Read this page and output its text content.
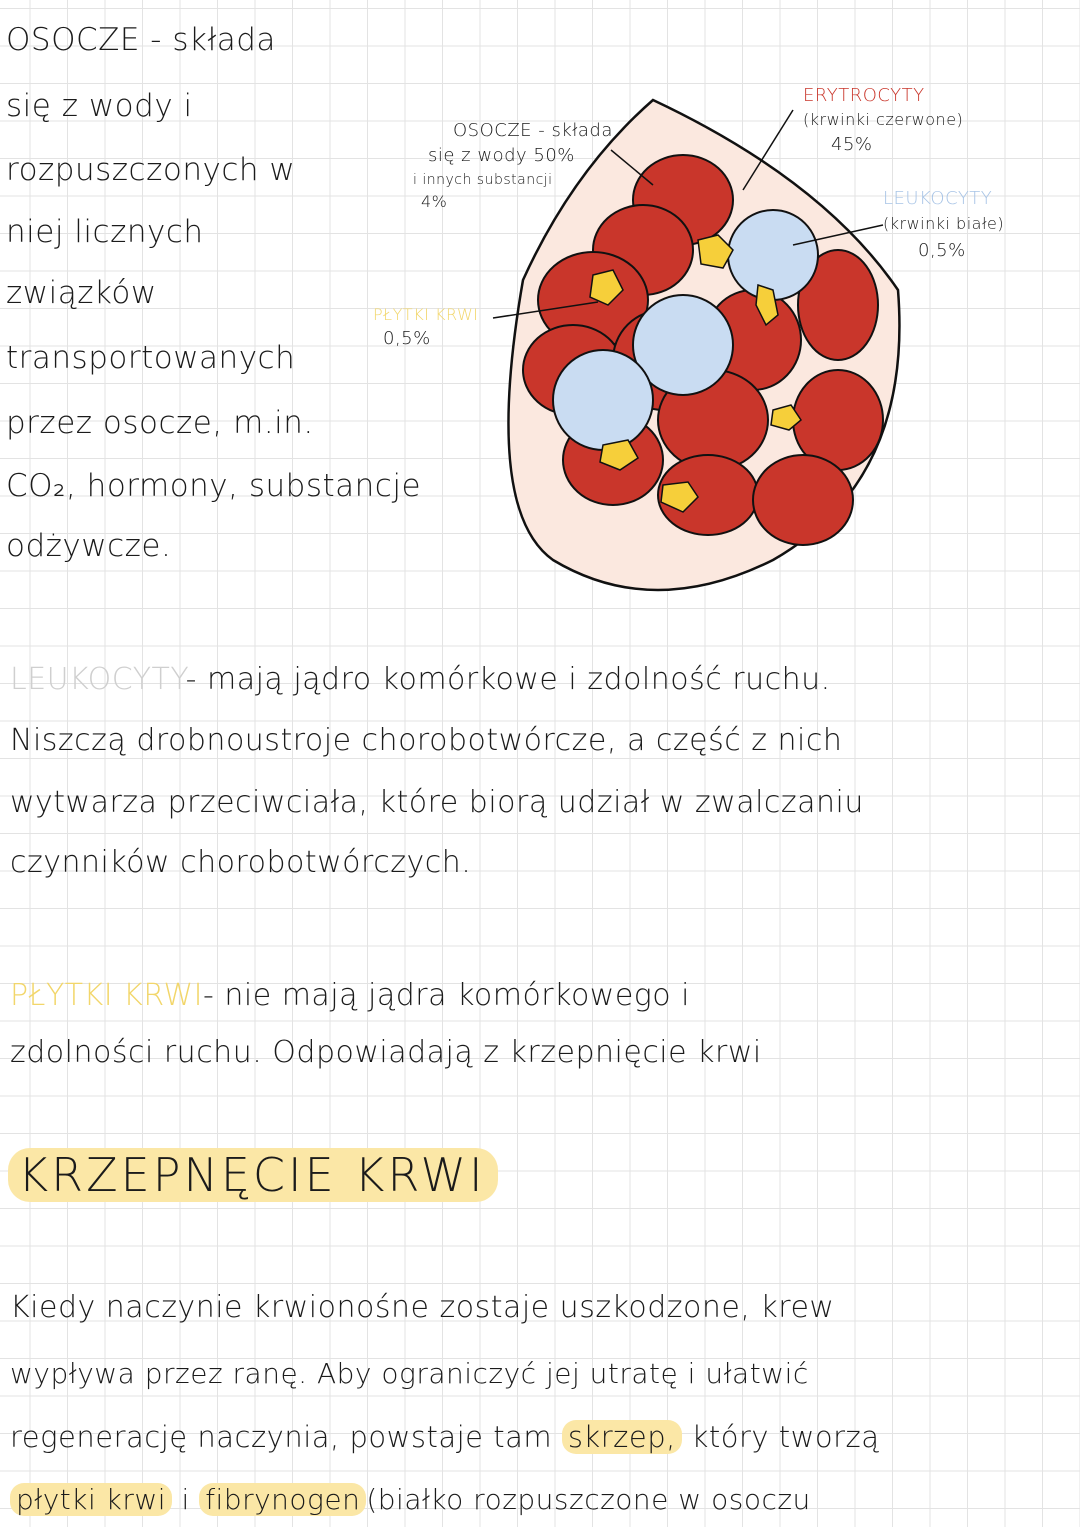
OSOCZE - składa
się z wody 50%
i innych substancji
4%
ERYTROCYTY
(krwinki czerwone)
45%
LEUKOCYTY
(krwinki białe)
0,5%
PŁYTKI KRWI
0,5%
OSOCZE - składa
się z wody i
rozpuszczonych w
niej licznych
związków
transportowanych
przez osocze, m.in.
CO₂, hormony, substancje
odżywcze.
LEUKOCYTY- mają jądro komórkowe i zdolność ruchu.
Niszczą drobnoustroje chorobotwórcze, a część z nich
wytwarza przeciwciała, które biorą udział w zwalczaniu
czynników chorobotwórczych.
PŁYTKI KRWI- nie mają jądra komórkowego i
zdolności ruchu. Odpowiadają z krzepnięcie krwi
KRZEPNĘCIE KRWI
Kiedy naczynie krwionośne zostaje uszkodzone, krew
wypływa przez ranę. Aby ograniczyć jej utratę i ułatwić
regenerację naczynia, powstaje tam skrzep, który tworzą
płytki krwi i fibrynogen (białko rozpuszczone w osoczu
